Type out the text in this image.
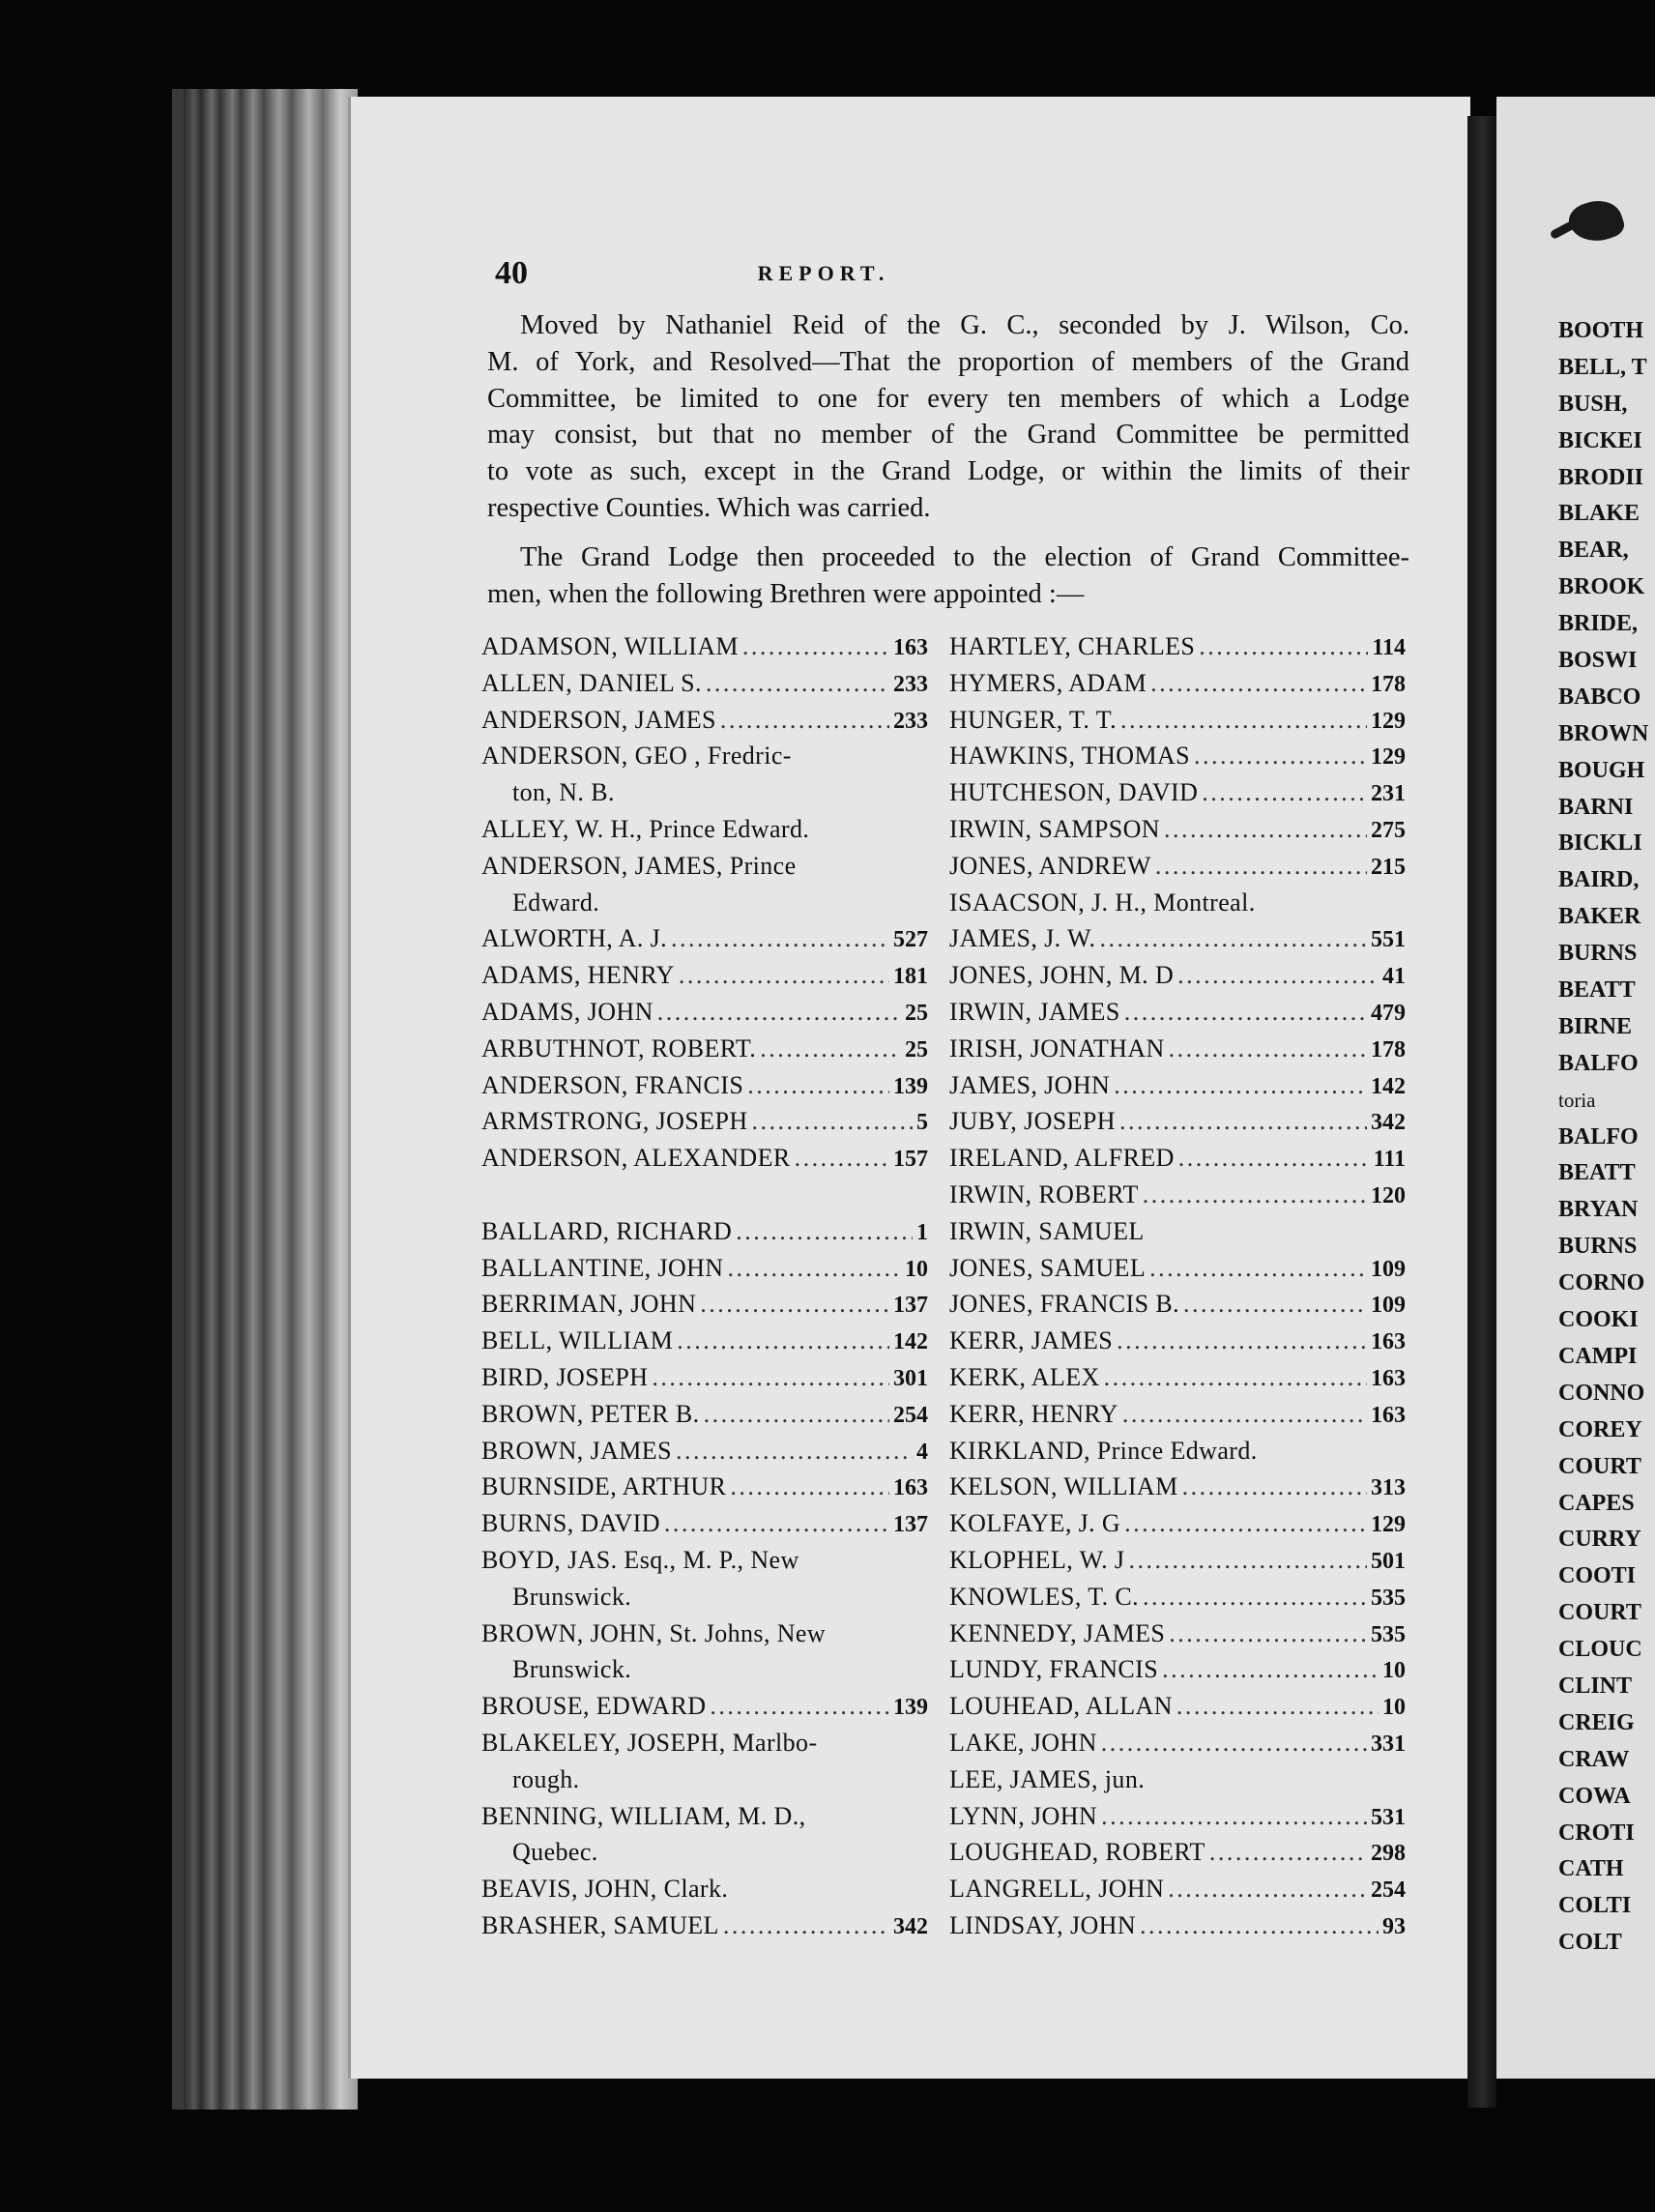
40	REPORT.
Moved by Nathaniel Reid of the G. C., seconded by J. Wilson, Co.
M. of York, and Resolved—That the proportion of members of the Grand
Committee, be limited to one for every ten members of which a Lodge
may consist, but that no member of the Grand Committee be permitted
to vote as such, except in the Grand Lodge, or within the limits of their
respective Counties. Which was carried.
The Grand Lodge then proceeded to the election of Grand Committee-
men, when the following Brethren were appointed :—
ADAMSON, WILLIAM . . .	163
ALLEN, DANIEL S. . . .	233
ANDERSON, JAMES . . .	233
ANDERSON, GEO , Fredric-
ton, N. B.
ALLEY, W. H., Prince Edward.
ANDERSON, JAMES, Prince
Edward.
ALWORTH, A. J. . . .	527
ADAMS, HENRY . . .	181
ADAMS, JOHN . . .	25
ARBUTHNOT, ROBERT. . . .	25
ANDERSON, FRANCIS . . .	139
ARMSTRONG, JOSEPH . . .	5
ANDERSON, ALEXANDER . . .	157
BALLARD, RICHARD . . .	1
BALLANTINE, JOHN . . .	10
BERRIMAN, JOHN . . .	137
BELL, WILLIAM . . .	142
BIRD, JOSEPH . . .	301
BROWN, PETER B. . . .	254
BROWN, JAMES . . .	4
BURNSIDE, ARTHUR . . .	163
BURNS, DAVID . . .	137
BOYD, JAS. Esq., M. P., New
Brunswick.
BROWN, JOHN, St. Johns, New
Brunswick.
BROUSE, EDWARD . . .	139
BLAKELEY, JOSEPH, Marlbo-
rough.
BENNING, WILLIAM, M. D.,
Quebec.
BEAVIS, JOHN, Clark.
BRASHER, SAMUEL . . .	342
HARTLEY, CHARLES . . .	114
HYMERS, ADAM . . .	178
HUNGER, T. T. . . .	129
HAWKINS, THOMAS . . .	129
HUTCHESON, DAVID . . .	231
IRWIN, SAMPSON . . .	275
JONES, ANDREW . . .	215
ISAACSON, J. H., Montreal.
JAMES, J. W. . . .	551
JONES, JOHN, M. D . . .	41
IRWIN, JAMES . . .	479
IRISH, JONATHAN . . .	178
JAMES, JOHN . . .	142
JUBY, JOSEPH . . .	342
IRELAND, ALFRED . . .	111
IRWIN, ROBERT . . .	120
IRWIN, SAMUEL
JONES, SAMUEL . . .	109
JONES, FRANCIS B. . . .	109
KERR, JAMES . . .	163
KERK, ALEX . . .	163
KERR, HENRY . . .	163
KIRKLAND, Prince Edward.
KELSON, WILLIAM . . .	313
KOLFAYE, J. G . . .	129
KLOPHEL, W. J . . .	501
KNOWLES, T. C. . . .	535
KENNEDY, JAMES . . .	535
LUNDY, FRANCIS . . .	10
LOUHEAD, ALLAN . . .	10
LAKE, JOHN . . .	331
LEE, JAMES, jun.
LYNN, JOHN . . .	531
LOUGHEAD, ROBERT . . .	298
LANGRELL, JOHN . . .	254
LINDSAY, JOHN . . .	93
BOOTH
BELL, T
BUSH,
BICKEI
BRODII
BLAKE
BEAR,
BROOK
BRIDE,
BOSWI
BABCO
BROWN
BOUGH
BARNI
BICKLI
BAIRD,
BAKER
BURNS
BEATT
BIRNE
BALFO
toria
BALFO
BEATT
BRYAN
BURNS
CORNO
COOKI
CAMPI
CONNO
COREY
COURT
CAPES
CURRY
COOTI
COURT
CLOUC
CLINT
CREIG
CRAW
COWA
CROTI
CATH
COLTI
COLT
